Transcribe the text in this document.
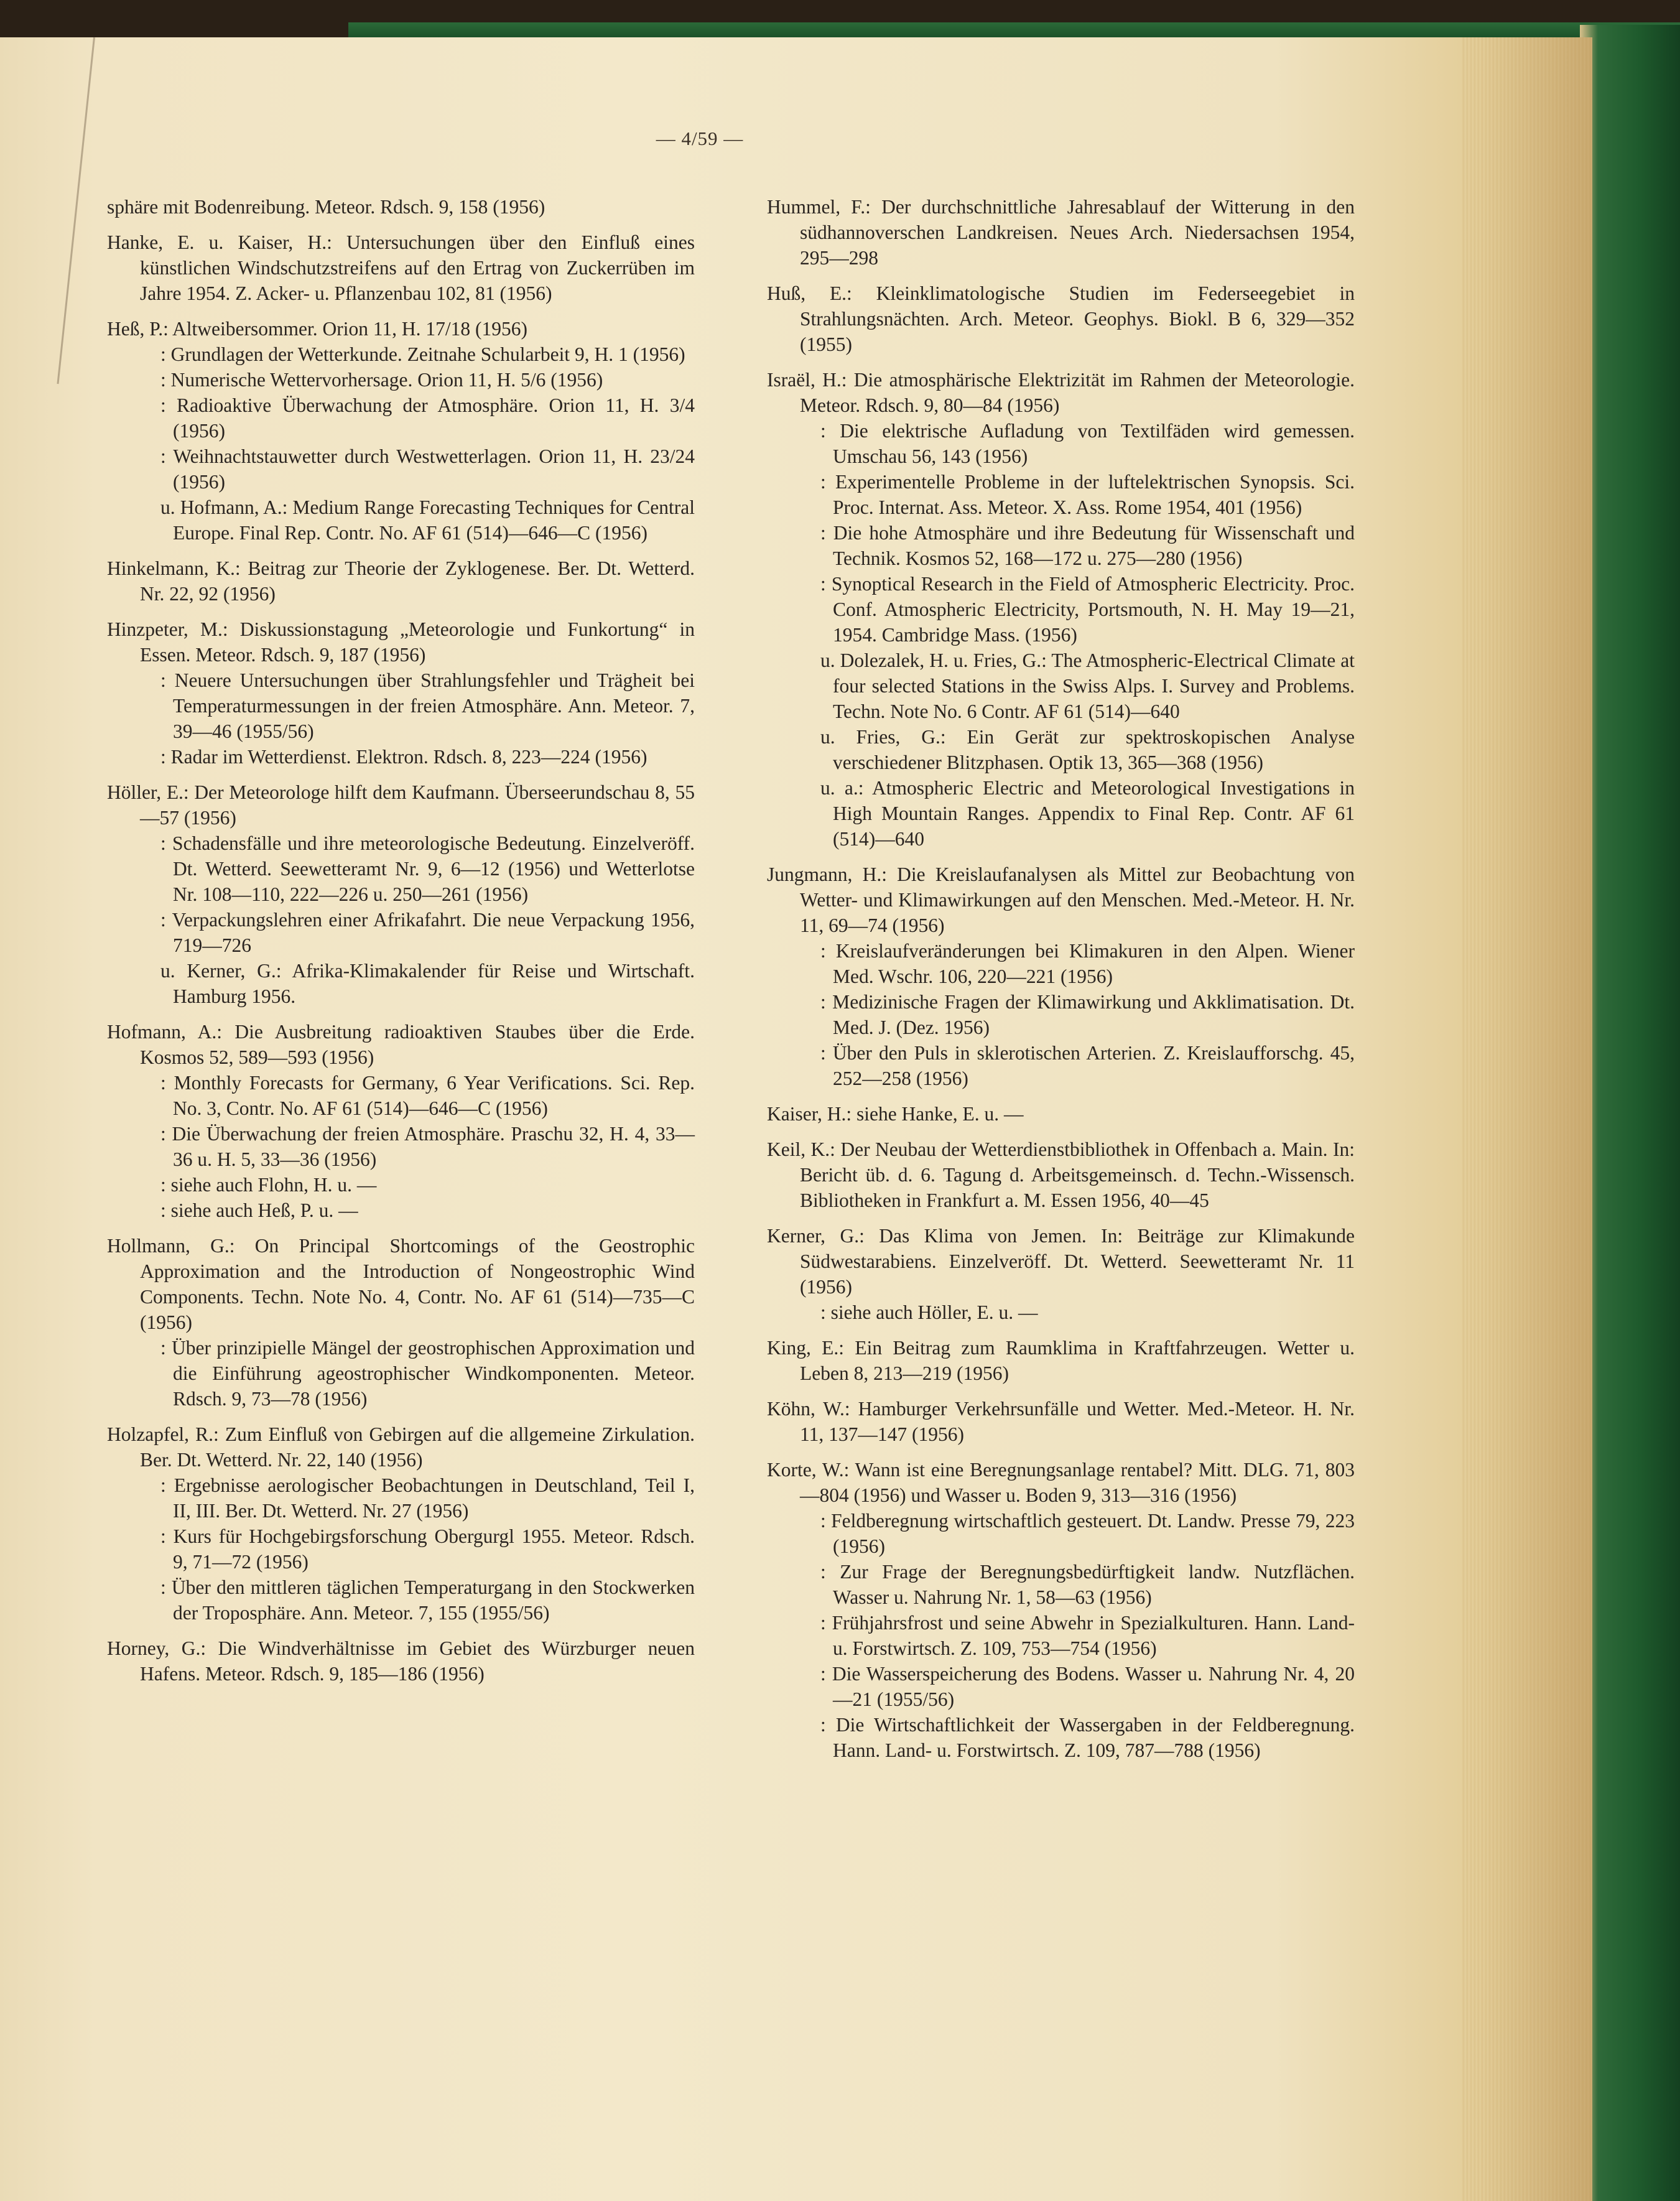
— 4/59 —
sphäre mit Bodenreibung. Meteor. Rdsch. 9, 158 (1956)
Hanke, E. u. Kaiser, H.: Untersuchungen über den Einfluß eines künstlichen Windschutzstreifens auf den Ertrag von Zuckerrüben im Jahre 1954. Z. Acker- u. Pflanzenbau 102, 81 (1956)
Heß, P.: Altweibersommer. Orion 11, H. 17/18 (1956)
: Grundlagen der Wetterkunde. Zeitnahe Schularbeit 9, H. 1 (1956)
: Numerische Wettervorhersage. Orion 11, H. 5/6 (1956)
: Radioaktive Überwachung der Atmosphäre. Orion 11, H. 3/4 (1956)
: Weihnachtstauwetter durch Westwetterlagen. Orion 11, H. 23/24 (1956)
u. Hofmann, A.: Medium Range Forecasting Techniques for Central Europe. Final Rep. Contr. No. AF 61 (514)—646—C (1956)
Hinkelmann, K.: Beitrag zur Theorie der Zyklogenese. Ber. Dt. Wetterd. Nr. 22, 92 (1956)
Hinzpeter, M.: Diskussionstagung „Meteorologie und Funkortung“ in Essen. Meteor. Rdsch. 9, 187 (1956)
: Neuere Untersuchungen über Strahlungsfehler und Trägheit bei Temperaturmessungen in der freien Atmosphäre. Ann. Meteor. 7, 39—46 (1955/56)
: Radar im Wetterdienst. Elektron. Rdsch. 8, 223—224 (1956)
Höller, E.: Der Meteorologe hilft dem Kaufmann. Überseerundschau 8, 55—57 (1956)
: Schadensfälle und ihre meteorologische Bedeutung. Einzelveröff. Dt. Wetterd. Seewetteramt Nr. 9, 6—12 (1956) und Wetterlotse Nr. 108—110, 222—226 u. 250—261 (1956)
: Verpackungslehren einer Afrikafahrt. Die neue Verpackung 1956, 719—726
u. Kerner, G.: Afrika-Klimakalender für Reise und Wirtschaft. Hamburg 1956.
Hofmann, A.: Die Ausbreitung radioaktiven Staubes über die Erde. Kosmos 52, 589—593 (1956)
: Monthly Forecasts for Germany, 6 Year Verifications. Sci. Rep. No. 3, Contr. No. AF 61 (514)—646—C (1956)
: Die Überwachung der freien Atmosphäre. Praschu 32, H. 4, 33—36 u. H. 5, 33—36 (1956)
: siehe auch Flohn, H. u. —
: siehe auch Heß, P. u. —
Hollmann, G.: On Principal Shortcomings of the Geostrophic Approximation and the Introduction of Nongeostrophic Wind Components. Techn. Note No. 4, Contr. No. AF 61 (514)—735—C (1956)
: Über prinzipielle Mängel der geostrophischen Approximation und die Einführung ageostrophischer Windkomponenten. Meteor. Rdsch. 9, 73—78 (1956)
Holzapfel, R.: Zum Einfluß von Gebirgen auf die allgemeine Zirkulation. Ber. Dt. Wetterd. Nr. 22, 140 (1956)
: Ergebnisse aerologischer Beobachtungen in Deutschland, Teil I, II, III. Ber. Dt. Wetterd. Nr. 27 (1956)
: Kurs für Hochgebirgsforschung Obergurgl 1955. Meteor. Rdsch. 9, 71—72 (1956)
: Über den mittleren täglichen Temperaturgang in den Stockwerken der Troposphäre. Ann. Meteor. 7, 155 (1955/56)
Horney, G.: Die Windverhältnisse im Gebiet des Würzburger neuen Hafens. Meteor. Rdsch. 9, 185—186 (1956)
Hummel, F.: Der durchschnittliche Jahresablauf der Witterung in den südhannoverschen Landkreisen. Neues Arch. Niedersachsen 1954, 295—298
Huß, E.: Kleinklimatologische Studien im Federseegebiet in Strahlungsnächten. Arch. Meteor. Geophys. Biokl. B 6, 329—352 (1955)
Israël, H.: Die atmosphärische Elektrizität im Rahmen der Meteorologie. Meteor. Rdsch. 9, 80—84 (1956)
: Die elektrische Aufladung von Textilfäden wird gemessen. Umschau 56, 143 (1956)
: Experimentelle Probleme in der luftelektrischen Synopsis. Sci. Proc. Internat. Ass. Meteor. X. Ass. Rome 1954, 401 (1956)
: Die hohe Atmosphäre und ihre Bedeutung für Wissenschaft und Technik. Kosmos 52, 168—172 u. 275—280 (1956)
: Synoptical Research in the Field of Atmospheric Electricity. Proc. Conf. Atmospheric Electricity, Portsmouth, N. H. May 19—21, 1954. Cambridge Mass. (1956)
u. Dolezalek, H. u. Fries, G.: The Atmospheric-Electrical Climate at four selected Stations in the Swiss Alps. I. Survey and Problems. Techn. Note No. 6 Contr. AF 61 (514)—640
u. Fries, G.: Ein Gerät zur spektroskopischen Analyse verschiedener Blitzphasen. Optik 13, 365—368 (1956)
u. a.: Atmospheric Electric and Meteorological Investigations in High Mountain Ranges. Appendix to Final Rep. Contr. AF 61 (514)—640
Jungmann, H.: Die Kreislaufanalysen als Mittel zur Beobachtung von Wetter- und Klimawirkungen auf den Menschen. Med.-Meteor. H. Nr. 11, 69—74 (1956)
: Kreislaufveränderungen bei Klimakuren in den Alpen. Wiener Med. Wschr. 106, 220—221 (1956)
: Medizinische Fragen der Klimawirkung und Akklimatisation. Dt. Med. J. (Dez. 1956)
: Über den Puls in sklerotischen Arterien. Z. Kreislaufforschg. 45, 252—258 (1956)
Kaiser, H.: siehe Hanke, E. u. —
Keil, K.: Der Neubau der Wetterdienstbibliothek in Offenbach a. Main. In: Bericht üb. d. 6. Tagung d. Arbeitsgemeinsch. d. Techn.-Wissensch. Bibliotheken in Frankfurt a. M. Essen 1956, 40—45
Kerner, G.: Das Klima von Jemen. In: Beiträge zur Klimakunde Südwestarabiens. Einzelveröff. Dt. Wetterd. Seewetteramt Nr. 11 (1956)
: siehe auch Höller, E. u. —
King, E.: Ein Beitrag zum Raumklima in Kraftfahrzeugen. Wetter u. Leben 8, 213—219 (1956)
Köhn, W.: Hamburger Verkehrsunfälle und Wetter. Med.-Meteor. H. Nr. 11, 137—147 (1956)
Korte, W.: Wann ist eine Beregnungsanlage rentabel? Mitt. DLG. 71, 803—804 (1956) und Wasser u. Boden 9, 313—316 (1956)
: Feldberegnung wirtschaftlich gesteuert. Dt. Landw. Presse 79, 223 (1956)
: Zur Frage der Beregnungsbedürftigkeit landw. Nutzflächen. Wasser u. Nahrung Nr. 1, 58—63 (1956)
: Frühjahrsfrost und seine Abwehr in Spezialkulturen. Hann. Land- u. Forstwirtsch. Z. 109, 753—754 (1956)
: Die Wasserspeicherung des Bodens. Wasser u. Nahrung Nr. 4, 20—21 (1955/56)
: Die Wirtschaftlichkeit der Wassergaben in der Feldberegnung. Hann. Land- u. Forstwirtsch. Z. 109, 787—788 (1956)
